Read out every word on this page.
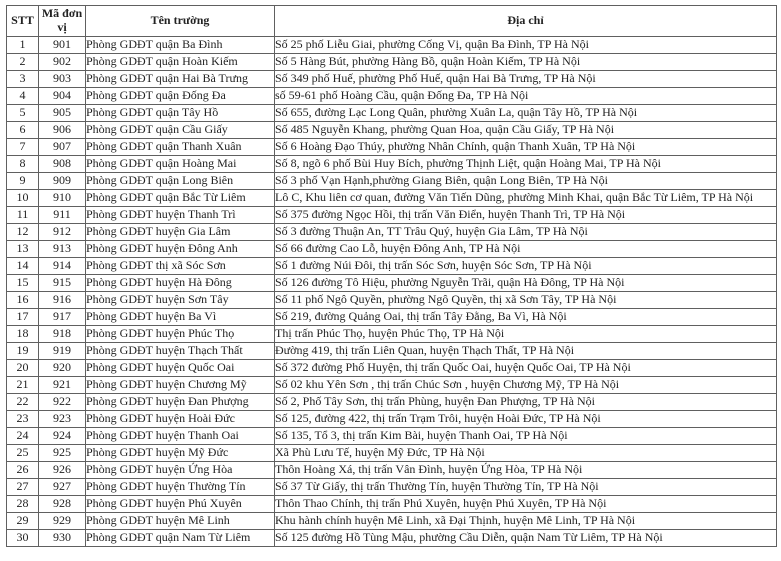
STT	Mã đơn vị	Tên trường	Địa chỉ
1	901	Phòng GDĐT quận Ba Đình	Số 25 phố Liễu Giai, phường Cống Vị, quận Ba Đình, TP Hà Nội
2	902	Phòng GDĐT quận Hoàn Kiếm	Số 5 Hàng Bút, phường Hàng Bồ, quận Hoàn Kiếm, TP Hà Nội
3	903	Phòng GDĐT quận Hai Bà Trưng	Số 349 phố Huế, phường Phố Huế, quận Hai Bà Trưng, TP Hà Nội
4	904	Phòng GDĐT quận Đống Đa	số 59-61 phố Hoàng Cầu, quận Đống Đa, TP Hà Nội
5	905	Phòng GDĐT quận Tây Hồ	Số 655, đường Lạc Long Quân, phường Xuân La, quận Tây Hồ, TP Hà Nội
6	906	Phòng GDĐT quận Cầu Giấy	Số 485 Nguyễn Khang, phường Quan Hoa, quận Cầu Giấy, TP Hà Nội
7	907	Phòng GDĐT quận Thanh Xuân	Số 6 Hoàng Đạo Thúy, phường Nhân Chính, quận Thanh Xuân, TP Hà Nội
8	908	Phòng GDĐT quận Hoàng Mai	Số 8, ngõ 6 phố Bùi Huy Bích, phường Thịnh Liệt, quận Hoàng Mai, TP Hà Nội
9	909	Phòng GDĐT quận Long Biên	Số 3 phố Vạn Hạnh,phường Giang Biên, quận Long Biên, TP Hà Nội
10	910	Phòng GDĐT quận Bắc Từ Liêm	Lô C, Khu liên cơ quan, đường Văn Tiến Dũng, phường Minh Khai, quận Bắc Từ Liêm, TP Hà Nội
11	911	Phòng GDĐT huyện Thanh Trì	Số 375 đường Ngọc Hồi, thị trấn Văn Điển, huyện Thanh Trì, TP Hà Nội
12	912	Phòng GDĐT huyện Gia Lâm	Số 3 đường Thuận An, TT Trâu Quý, huyện Gia Lâm, TP Hà Nội
13	913	Phòng GDĐT huyện Đông Anh	Số 66 đường Cao Lỗ, huyện Đông Anh, TP Hà Nội
14	914	Phòng GDĐT thị xã Sóc Sơn	Số 1 đường Núi Đôi, thị trấn Sóc Sơn, huyện Sóc Sơn, TP Hà Nội
15	915	Phòng GDĐT huyện Hà Đông	Số 126 đường Tô Hiệu, phường Nguyễn Trãi, quận Hà Đông, TP Hà Nội
16	916	Phòng GDĐT huyện Sơn Tây	Số 11 phố Ngô Quyền, phường Ngô Quyền, thị xã Sơn Tây, TP Hà Nội
17	917	Phòng GDĐT huyện Ba Vì	Số 219, đường Quảng Oai, thị trấn Tây Đằng, Ba Vì, Hà Nội
18	918	Phòng GDĐT huyện Phúc Thọ	Thị trấn Phúc Thọ, huyện Phúc Thọ, TP Hà Nội
19	919	Phòng GDĐT huyện Thạch Thất	Đường 419, thị trấn Liên Quan, huyện Thạch Thất, TP Hà Nội
20	920	Phòng GDĐT huyện Quốc Oai	Số 372 đường Phố Huyện, thị trấn Quốc Oai, huyện Quốc Oai, TP Hà Nội
21	921	Phòng GDĐT huyện Chương Mỹ	Số 02 khu Yên Sơn , thị trấn Chúc Sơn , huyện Chương Mỹ, TP Hà Nội
22	922	Phòng GDĐT huyện Đan Phượng	Số 2, Phố Tây Sơn, thị trấn Phùng, huyện Đan Phượng, TP Hà Nội
23	923	Phòng GDĐT huyện Hoài Đức	Số 125, đường 422, thị trấn Trạm Trôi, huyện Hoài Đức, TP Hà Nội
24	924	Phòng GDĐT huyện Thanh Oai	Số 135, Tổ 3, thị trấn Kim Bài, huyện Thanh Oai, TP Hà Nội
25	925	Phòng GDĐT huyện Mỹ Đức	Xã Phù Lưu Tế, huyện Mỹ Đức, TP Hà Nội
26	926	Phòng GDĐT huyện Ứng Hòa	Thôn Hoàng Xá, thị trấn Vân Đình, huyện Ứng Hòa, TP Hà Nội
27	927	Phòng GDĐT huyện Thường Tín	Số 37 Từ Giấy, thị trấn Thường Tín, huyện Thường Tín, TP Hà Nội
28	928	Phòng GDĐT huyện Phú Xuyên	Thôn Thao Chính, thị trấn Phú Xuyên, huyện Phú Xuyên, TP Hà Nội
29	929	Phòng GDĐT huyện Mê Linh	Khu hành chính huyện Mê Linh, xã Đại Thịnh, huyện Mê Linh, TP Hà Nội
30	930	Phòng GDĐT quận Nam Từ Liêm	Số 125 đường Hồ Tùng Mậu, phường Cầu Diễn, quận Nam Từ Liêm, TP Hà Nội
